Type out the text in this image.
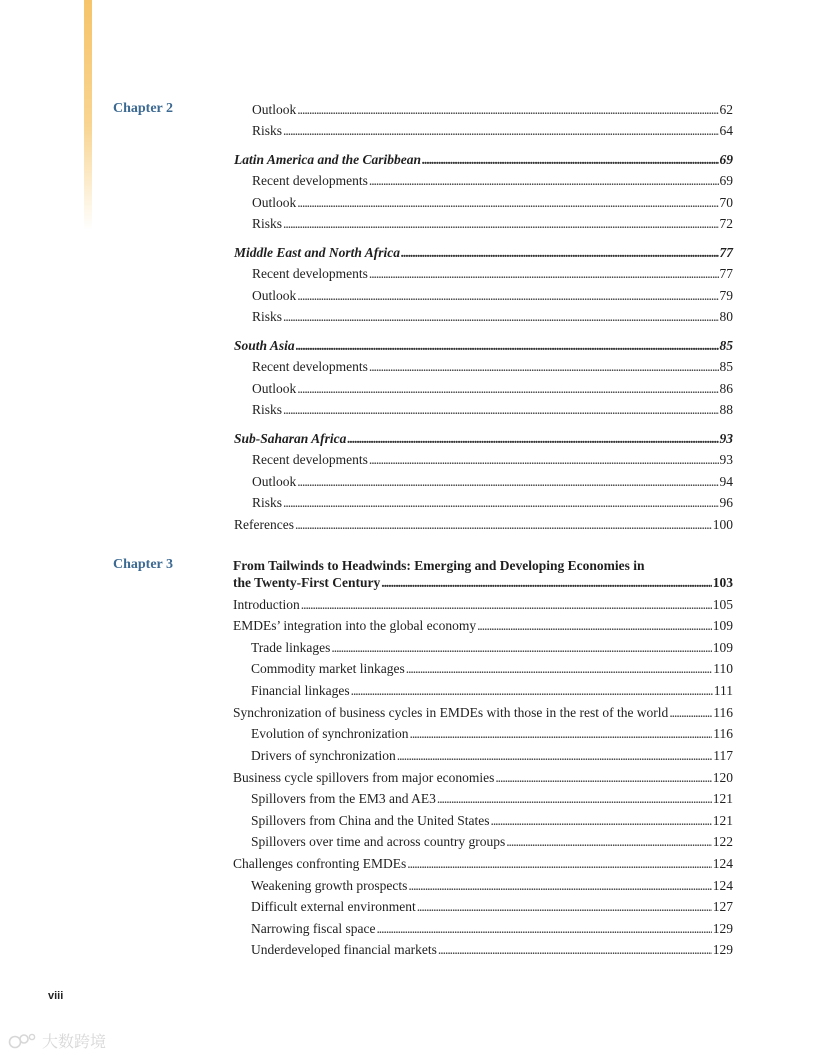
Chapter 2	Outlook . . .	62
Risks . . .	64
Latin America and the Caribbean . . .	69
Recent developments . . .	69
Outlook . . .	70
Risks . . .	72
Middle East and North Africa . . .	77
Recent developments . . .	77
Outlook . . .	79
Risks . . .	80
South Asia . . .	85
Recent developments . . .	85
Outlook . . .	86
Risks . . .	88
Sub-Saharan Africa . . .	93
Recent developments . . .	93
Outlook . . .	94
Risks . . .	96
References . . .	100
Chapter 3	From Tailwinds to Headwinds: Emerging and Developing Economies in
the Twenty-First Century . . .	103
Introduction . . .	105
EMDEs’ integration into the global economy . . .	109
Trade linkages . . .	109
Commodity market linkages . . .	110
Financial linkages . . .	111
Synchronization of business cycles in EMDEs with those in the rest of the world . . .	116
Evolution of synchronization . . .	116
Drivers of synchronization . . .	117
Business cycle spillovers from major economies . . .	120
Spillovers from the EM3 and AE3 . . .	121
Spillovers from China and the United States . . .	121
Spillovers over time and across country groups . . .	122
Challenges confronting EMDEs . . .	124
Weakening growth prospects . . .	124
Difficult external environment . . .	127
Narrowing fiscal space . . .	129
Underdeveloped financial markets . . .	129
viii
大数跨境
